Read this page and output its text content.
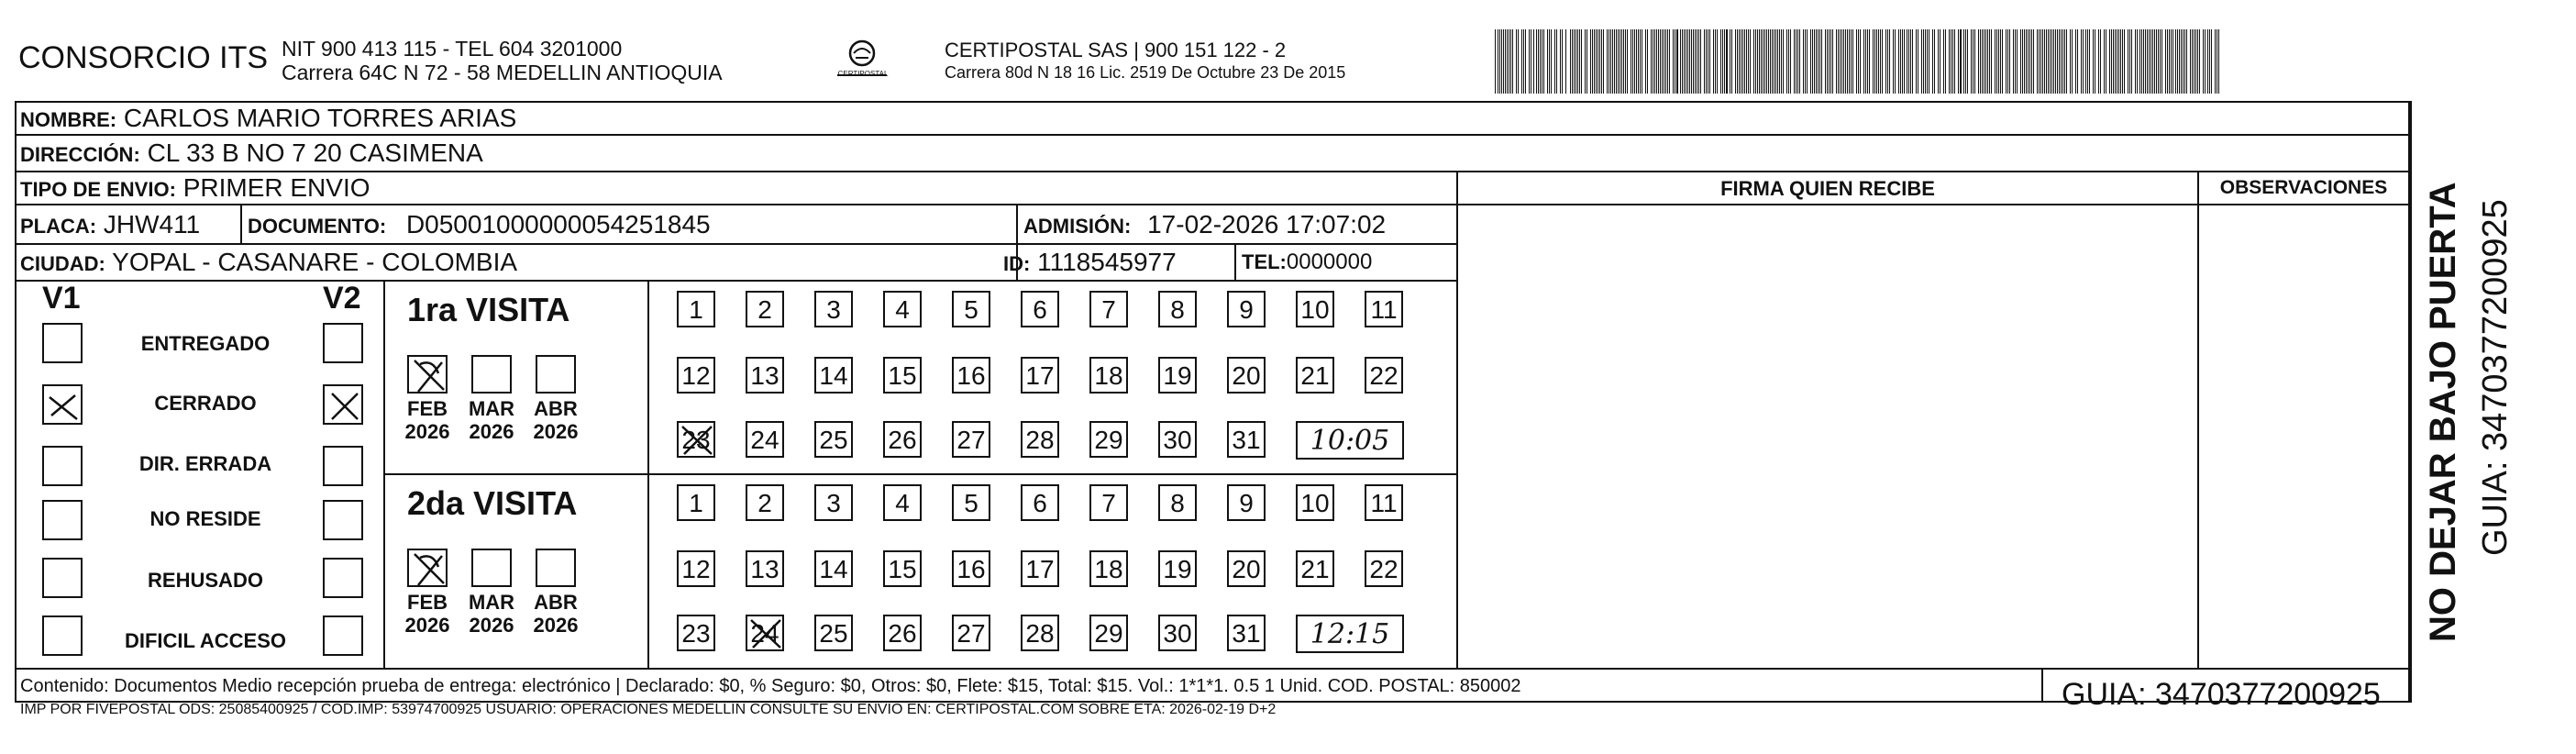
CONSORCIO ITS NIT 900 413 115 - TEL 604 3201000
Carrera 64C N 72 - 58 MEDELLIN ANTIOQUIA	CERTIPOSTAL
CERTIPOSTAL SAS | 900 151 122 - 2
Carrera 80d N 18 16 Lic. 2519 De Octubre 23 De 2015
NOMBRE: CARLOS MARIO TORRES ARIAS
DIRECCIÓN: CL 33 B NO 7 20 CASIMENA
TIPO DE ENVIO: PRIMER ENVIO	FIRMA QUIEN RECIBE	OBSERVACIONES
PLACA: JHW411 DOCUMENTO: D05001000000054251845	ADMISIÓN: 17-02-2026 17:07:02
CIUDAD: YOPAL - CASANARE - COLOMBIA	ID: 1118545977	TEL:0000000
V1	V2
ENTREGADO
CERRADO
DIR. ERRADA
NO RESIDE
REHUSADO
DIFICIL ACCESO
1ra VISITA
FEB
2026
MAR
2026
ABR
2026
1	2	3	4	5	6	7	8	9	10 11
12 13 14 15 16 17 18 19 20 21 22
23 24 25 26 27 28 29 30 31	10:05
2da VISITA
FEB
2026
MAR
2026
ABR
2026
1	2	3	4	5	6	7	8	9	10 11
12 13 14 15 16 17 18 19 20 21 22
23 24 25 26 27 28 29 30 31	12:15
Contenido: Documentos Medio recepción prueba de entrega: electrónico | Declarado: $0, % Seguro: $0, Otros: $0, Flete: $15, Total: $15. Vol.: 1*1*1. 0.5 1 Unid. COD. POSTAL: 850002
IMP POR FIVEPOSTAL ODS: 25085400925 / COD.IMP: 53974700925 USUARIO: OPERACIONES MEDELLIN CONSULTE SU ENVIO EN: CERTIPOSTAL.COM SOBRE ETA: 2026-02-19 D+2	GUIA: 347037720092​5
NO DEJAR BAJO PUERTA GUIA: 3470377200925
